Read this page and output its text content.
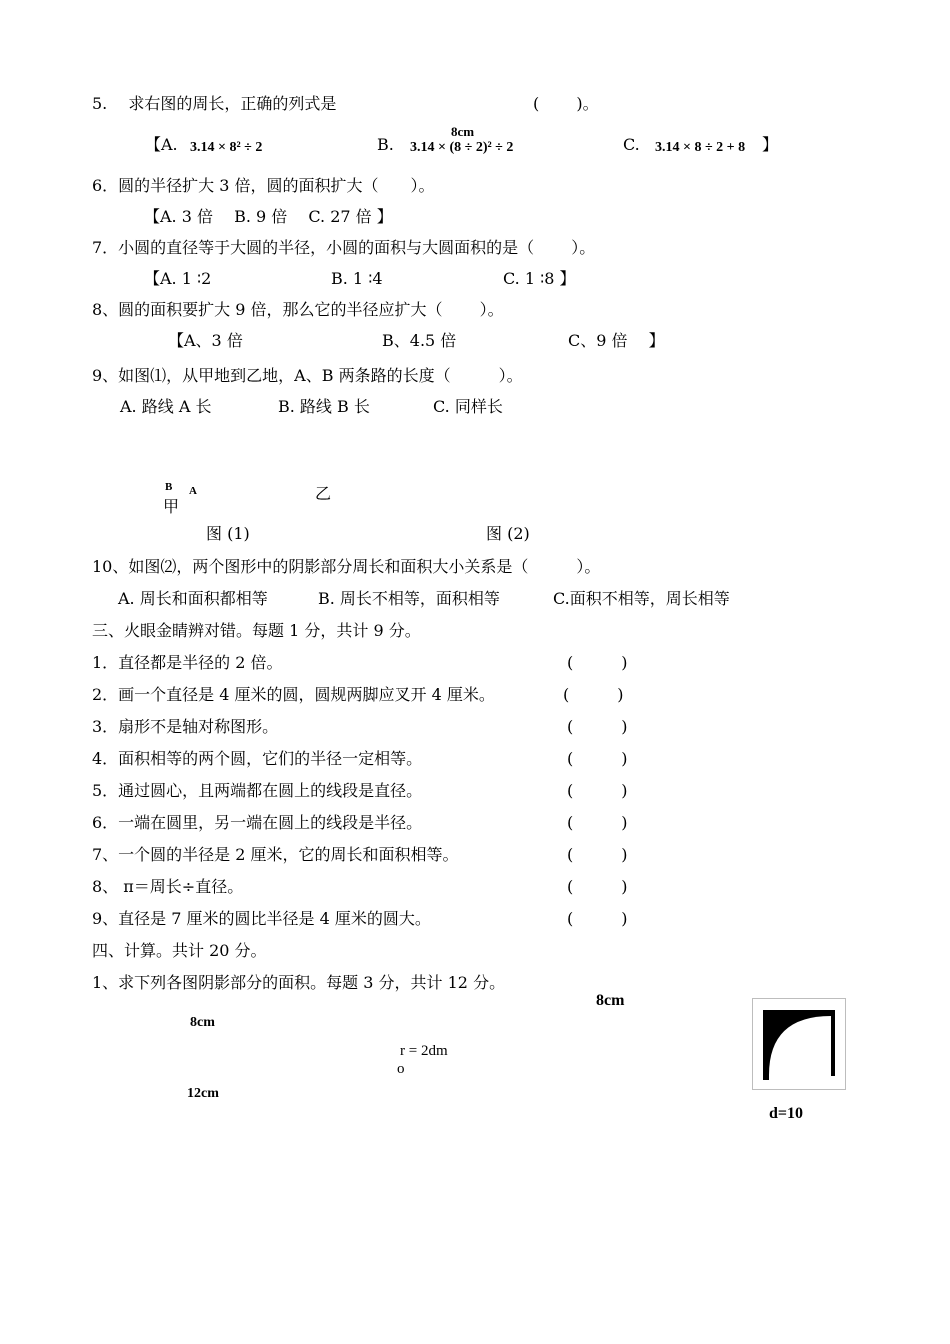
5.　 求右图的周长，正确的列式是	(　　 )。
8cm
【A. 3.14 × 8² ÷ 2	B. 3.14 × (8 ÷ 2)² ÷ 2	C. 3.14 × 8 ÷ 2 + 8 】
6．圆的半径扩大 3 倍，圆的面积扩大（　　）。
【A. 3 倍　 B. 9 倍　 C. 27 倍 】
7．小圆的直径等于大圆的半径，小圆的面积与大圆面积的是（　　 ）。
【A. 1 ∶2	B. 1 ∶4	C. 1 ∶8 】
8、圆的面积要扩大 9 倍，那么它的半径应扩大（　　 ）。
【A、3 倍	B、4.5 倍	C、9 倍　 】
9、如图⑴，从甲地到乙地，A、B 两条路的长度（　　　）。
A. 路线 A 长	B. 路线 B 长	C. 同样长
B A
甲
乙
图 (1)	图 (2)
10、如图⑵，两个图形中的阴影部分周长和面积大小关系是（　　　）。
A. 周长和面积都相等	B. 周长不相等，面积相等	C.面积不相等，周长相等
三、火眼金睛辨对错。每题 1 分，共计 9 分。
1．直径都是半径的 2 倍。	(　　　)
2．画一个直径是 4 厘米的圆，圆规两脚应叉开 4 厘米。	(　　　)
3．扇形不是轴对称图形。	(　　　)
4．面积相等的两个圆，它们的半径一定相等。	(　　　)
5．通过圆心，且两端都在圆上的线段是直径。	(　　　)
6．一端在圆里，另一端在圆上的线段是半径。	(　　　)
7、一个圆的半径是 2 厘米，它的周长和面积相等。	(　　　)
8、 π＝周长÷直径。	(　　　)
9、直径是 7 厘米的圆比半径是 4 厘米的圆大。	(　　　)
四、计算。共计 20 分。
1、求下列各图阴影部分的面积。每题 3 分，共计 12 分。
8cm
12cm
r = 2dm
o
8cm
d=10
